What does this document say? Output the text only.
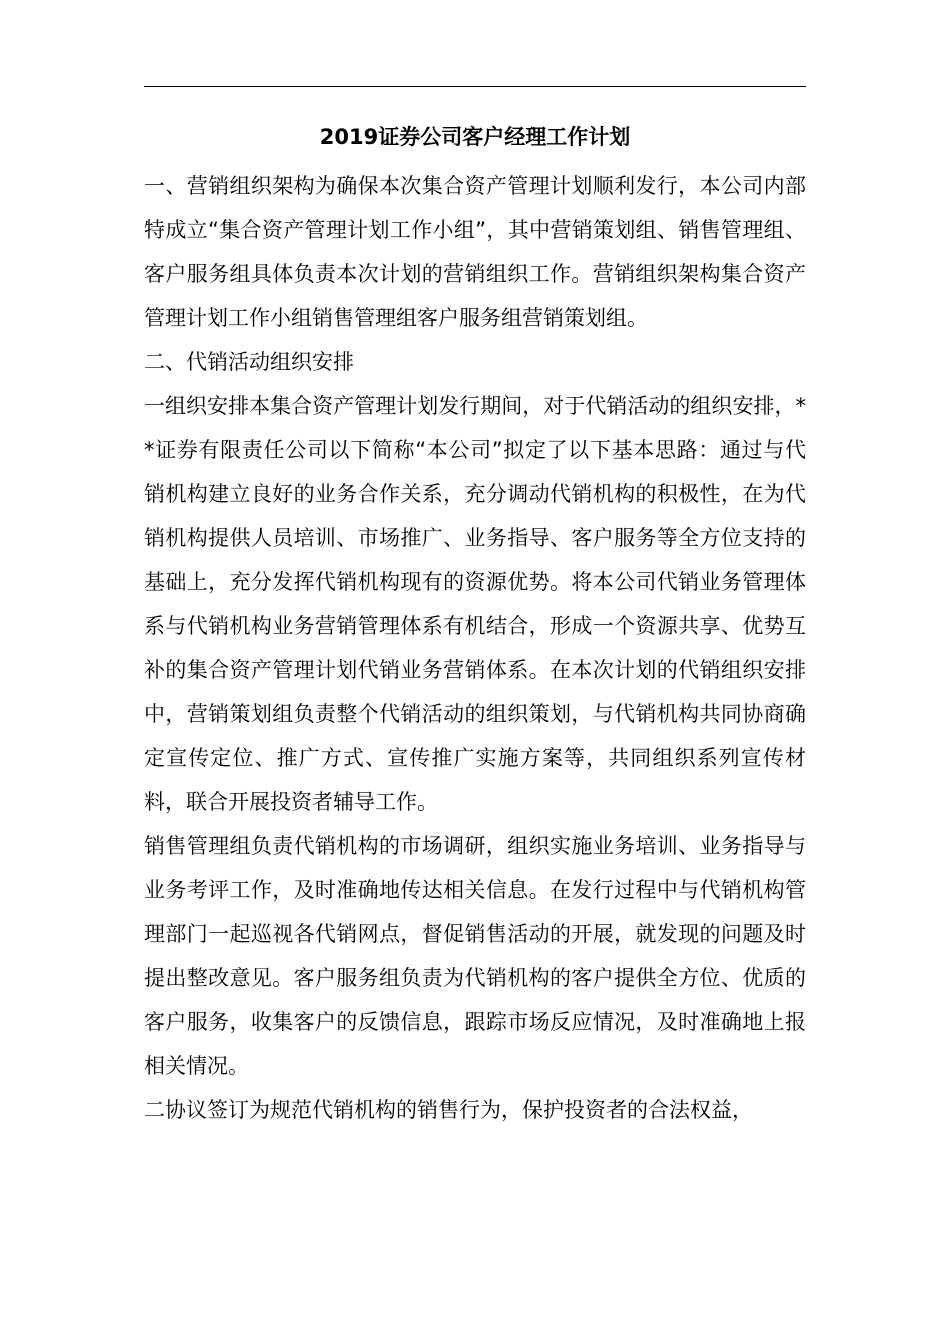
2019证券公司客户经理工作计划

一、营销组织架构为确保本次集合资产管理计划顺利发行，本公司内部特成立“集合资产管理计划工作小组”，其中营销策划组、销售管理组、客户服务组具体负责本次计划的营销组织工作。营销组织架构集合资产管理计划工作小组销售管理组客户服务组营销策划组。

二、代销活动组织安排

一组织安排本集合资产管理计划发行期间，对于代销活动的组织安排，**证券有限责任公司以下简称“本公司”拟定了以下基本思路：通过与代销机构建立良好的业务合作关系，充分调动代销机构的积极性，在为代销机构提供人员培训、市场推广、业务指导、客户服务等全方位支持的基础上，充分发挥代销机构现有的资源优势。将本公司代销业务管理体系与代销机构业务营销管理体系有机结合，形成一个资源共享、优势互补的集合资产管理计划代销业务营销体系。在本次计划的代销组织安排中，营销策划组负责整个代销活动的组织策划，与代销机构共同协商确定宣传定位、推广方式、宣传推广实施方案等，共同组织系列宣传材料，联合开展投资者辅导工作。

销售管理组负责代销机构的市场调研，组织实施业务培训、业务指导与业务考评工作，及时准确地传达相关信息。在发行过程中与代销机构管理部门一起巡视各代销网点，督促销售活动的开展，就发现的问题及时提出整改意见。客户服务组负责为代销机构的客户提供全方位、优质的客户服务，收集客户的反馈信息，跟踪市场反应情况，及时准确地上报相关情况。

二协议签订为规范代销机构的销售行为，保护投资者的合法权益，
